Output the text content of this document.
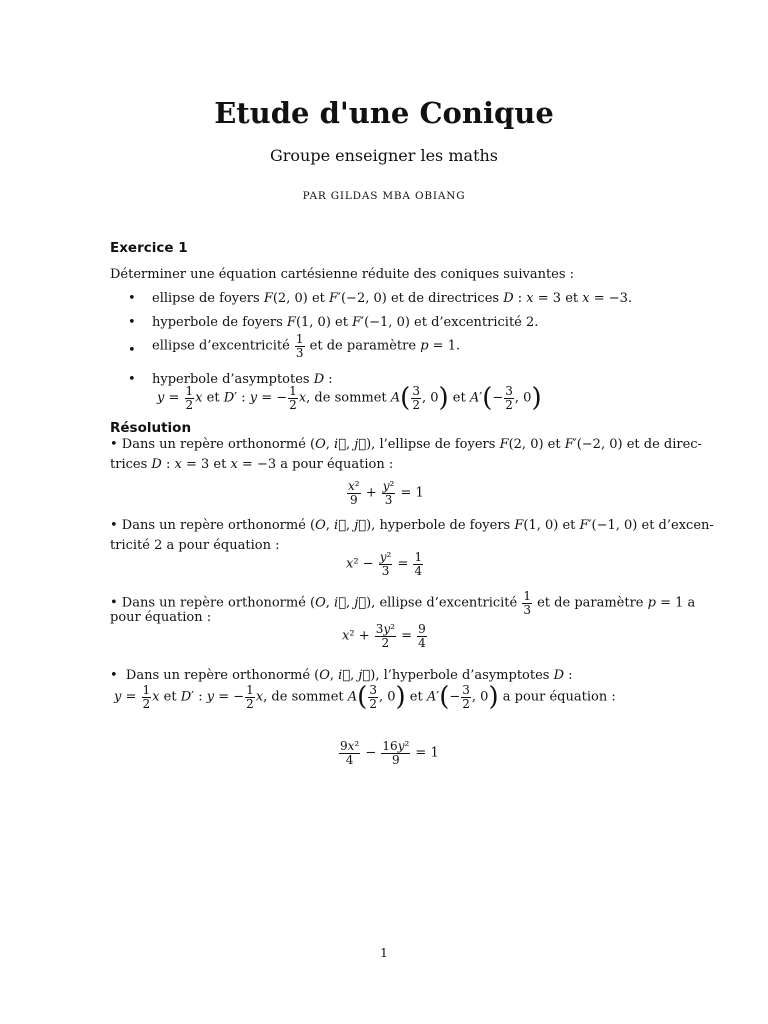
Etude d'une Conique
Groupe enseigner les maths
PAR GILDAS MBA OBIANG
Exercice 1
Déterminer une équation cartésienne réduite des coniques suivantes :
• ellipse de foyers F(2, 0) et F′(−2, 0) et de directrices D : x = 3 et x = −3.
• hyperbole de foyers F(1, 0) et F′(−1, 0) et d’excentricité 2.
• ellipse d’excentricité $\frac{1}{3}$ et de paramètre p = 1.
• hyperbole d’asymptotes D :
$y = \frac{1}{2}$ x et D′ : y = − $\frac{1}{2} x$, de sommet $A( \frac{3}{2}$ , 0) et $A'(- \frac{3}{2}$ , 0)
Résolution
• Dans un repère orthonormé (O, i⃗, j⃗), l’ellipse de foyers F(2, 0) et F′(−2, 0) et de direc-
trices D : x = 3 et x = −3 a pour équation :
$\frac{\text{x²}}{9} + \frac{\text{y²}}{3} = 1$
• Dans un repère orthonormé (O, i⃗, j⃗), hyperbole de foyers F(1, 0) et F′(−1, 0) et d’excen-
tricité 2 a pour équation :
$x^2 - \frac{\text{y²}}{3} = \frac{1}{4}$
• Dans un repère orthonormé (O, i⃗, j⃗), ellipse d’excentricité $\frac{1}{3}$ et de paramètre p = 1 a
pour équation :
$x^2 + \frac{\text{3y²}}{2} = \frac{9}{4}$
•  Dans un repère orthonormé (O, i⃗, j⃗), l’hyperbole d’asymptotes D :
$y = \frac{1}{2}$ x et D′ : y = − $\frac{1}{2} x$, de sommet $A( \frac{3}{2}$ , 0) et $A'(- \frac{3}{2}$ , 0) a pour équation :
$\frac{\text{9x²}}{4} - \frac{\text{16y²}}{9} = 1$
1
